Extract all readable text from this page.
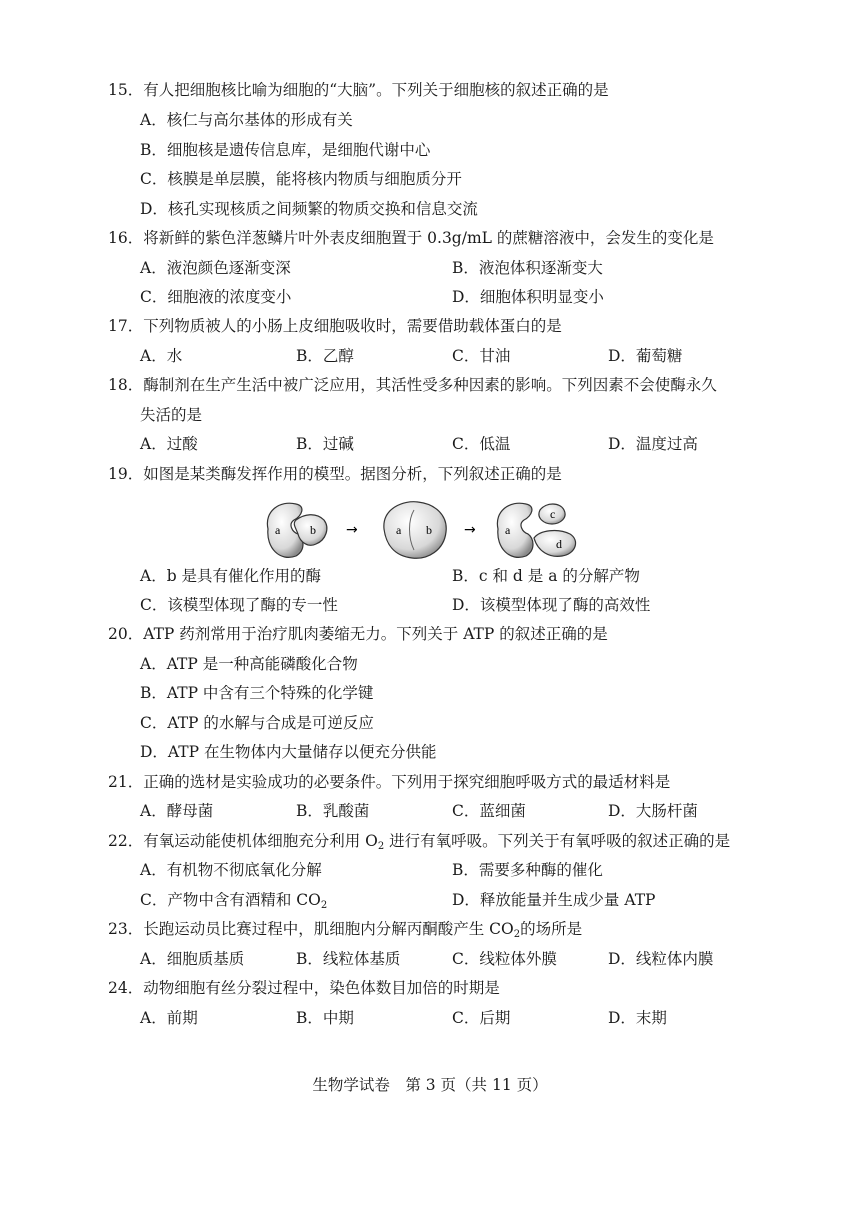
15．有人把细胞核比喻为细胞的“大脑”。下列关于细胞核的叙述正确的是
A．核仁与高尔基体的形成有关
B．细胞核是遗传信息库，是细胞代谢中心
C．核膜是单层膜，能将核内物质与细胞质分开
D．核孔实现核质之间频繁的物质交换和信息交流
16．将新鲜的紫色洋葱鳞片叶外表皮细胞置于 0.3g/mL 的蔗糖溶液中，会发生的变化是
A．液泡颜色逐渐变深	B．液泡体积逐渐变大
C．细胞液的浓度变小	D．细胞体积明显变小
17．下列物质被人的小肠上皮细胞吸收时，需要借助载体蛋白的是
A．水	B．乙醇	C．甘油	D．葡萄糖
18．酶制剂在生产生活中被广泛应用，其活性受多种因素的影响。下列因素不会使酶永久
失活的是
A．过酸	B．过碱	C．低温	D．温度过高
19．如图是某类酶发挥作用的模型。据图分析，下列叙述正确的是
a b →	a b → a
c
d
A．b 是具有催化作用的酶	B．c 和 d 是 a 的分解产物
C．该模型体现了酶的专一性	D．该模型体现了酶的高效性
20．ATP 药剂常用于治疗肌肉萎缩无力。下列关于 ATP 的叙述正确的是
A．ATP 是一种高能磷酸化合物
B．ATP 中含有三个特殊的化学键
C．ATP 的水解与合成是可逆反应
D．ATP 在生物体内大量储存以便充分供能
21．正确的选材是实验成功的必要条件。下列用于探究细胞呼吸方式的最适材料是
A．酵母菌	B．乳酸菌	C．蓝细菌	D．大肠杆菌
22．有氧运动能使机体细胞充分利用 $O_2$ 进行有氧呼吸。下列关于有氧呼吸的叙述正确的是
A．有机物不彻底氧化分解	B．需要多种酶的催化
C．产物中含有酒精和 $CO_2$	D．释放能量并生成少量 ATP
23．长跑运动员比赛过程中，肌细胞内分解丙酮酸产生 $CO_2$的场所是
A．细胞质基质	B．线粒体基质	C．线粒体外膜	D．线粒体内膜
24．动物细胞有丝分裂过程中，染色体数目加倍的时期是
A．前期	B．中期	C．后期	D．末期
生物学试卷　第 3 页（共 11 页）
